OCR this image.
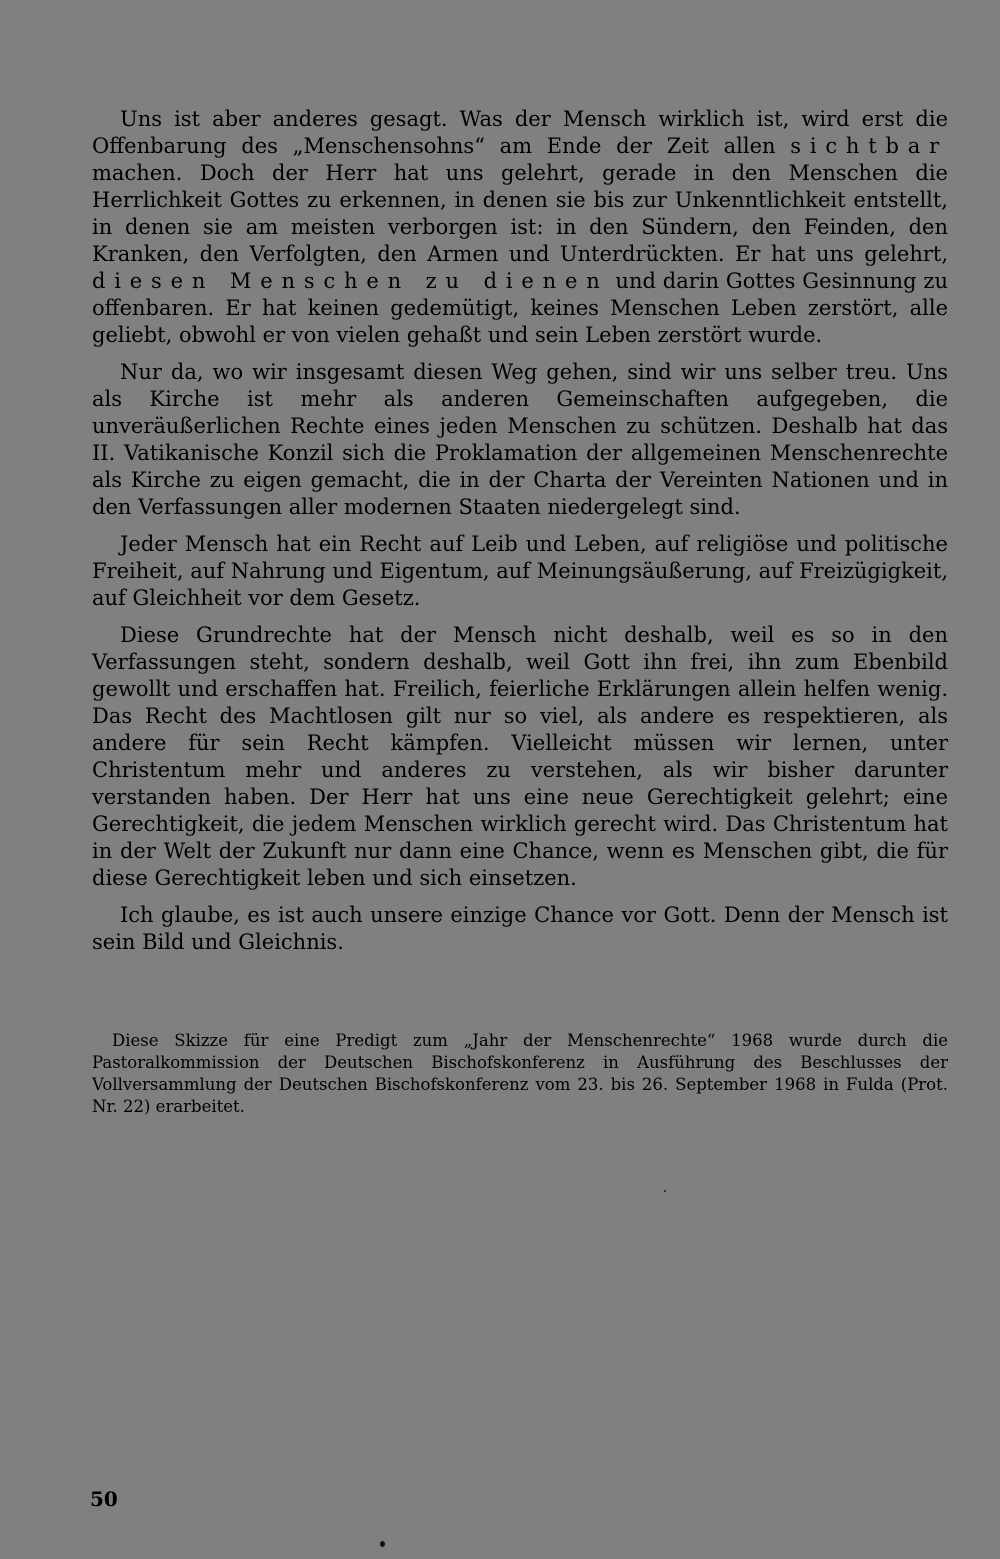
Uns ist aber anderes gesagt. Was der Mensch wirklich ist, wird erst die Offenbarung des „Menschensohns“ am Ende der Zeit allen sichtbar machen. Doch der Herr hat uns gelehrt, gerade in den Menschen die Herrlichkeit Gottes zu erkennen, in denen sie bis zur Unkenntlichkeit entstellt, in denen sie am meisten verborgen ist: in den Sündern, den Feinden, den Kranken, den Verfolgten, den Armen und Unterdrückten. Er hat uns gelehrt, diesen Menschen zu dienen und darin Gottes Gesinnung zu offenbaren. Er hat keinen gedemütigt, keines Menschen Leben zerstört, alle geliebt, obwohl er von vielen gehaßt und sein Leben zerstört wurde.

Nur da, wo wir insgesamt diesen Weg gehen, sind wir uns selber treu. Uns als Kirche ist mehr als anderen Gemeinschaften aufgegeben, die unveräußerlichen Rechte eines jeden Menschen zu schützen. Deshalb hat das II. Vatikanische Konzil sich die Proklamation der allgemeinen Menschenrechte als Kirche zu eigen gemacht, die in der Charta der Vereinten Nationen und in den Verfassungen aller modernen Staaten niedergelegt sind.

Jeder Mensch hat ein Recht auf Leib und Leben, auf religiöse und politische Freiheit, auf Nahrung und Eigentum, auf Meinungsäußerung, auf Freizügigkeit, auf Gleichheit vor dem Gesetz.

Diese Grundrechte hat der Mensch nicht deshalb, weil es so in den Verfassungen steht, sondern deshalb, weil Gott ihn frei, ihn zum Ebenbild gewollt und erschaffen hat. Freilich, feierliche Erklärungen allein helfen wenig. Das Recht des Machtlosen gilt nur so viel, als andere es respektieren, als andere für sein Recht kämpfen. Vielleicht müssen wir lernen, unter Christentum mehr und anderes zu verstehen, als wir bisher darunter verstanden haben. Der Herr hat uns eine neue Gerechtigkeit gelehrt; eine Gerechtigkeit, die jedem Menschen wirklich gerecht wird. Das Christentum hat in der Welt der Zukunft nur dann eine Chance, wenn es Menschen gibt, die für diese Gerechtigkeit leben und sich einsetzen.

Ich glaube, es ist auch unsere einzige Chance vor Gott. Denn der Mensch ist sein Bild und Gleichnis.

Diese Skizze für eine Predigt zum „Jahr der Menschenrechte“ 1968 wurde durch die Pastoralkommission der Deutschen Bischofskonferenz in Ausführung des Beschlusses der Vollversammlung der Deutschen Bischofskonferenz vom 23. bis 26. September 1968 in Fulda (Prot. Nr. 22) erarbeitet.

50
